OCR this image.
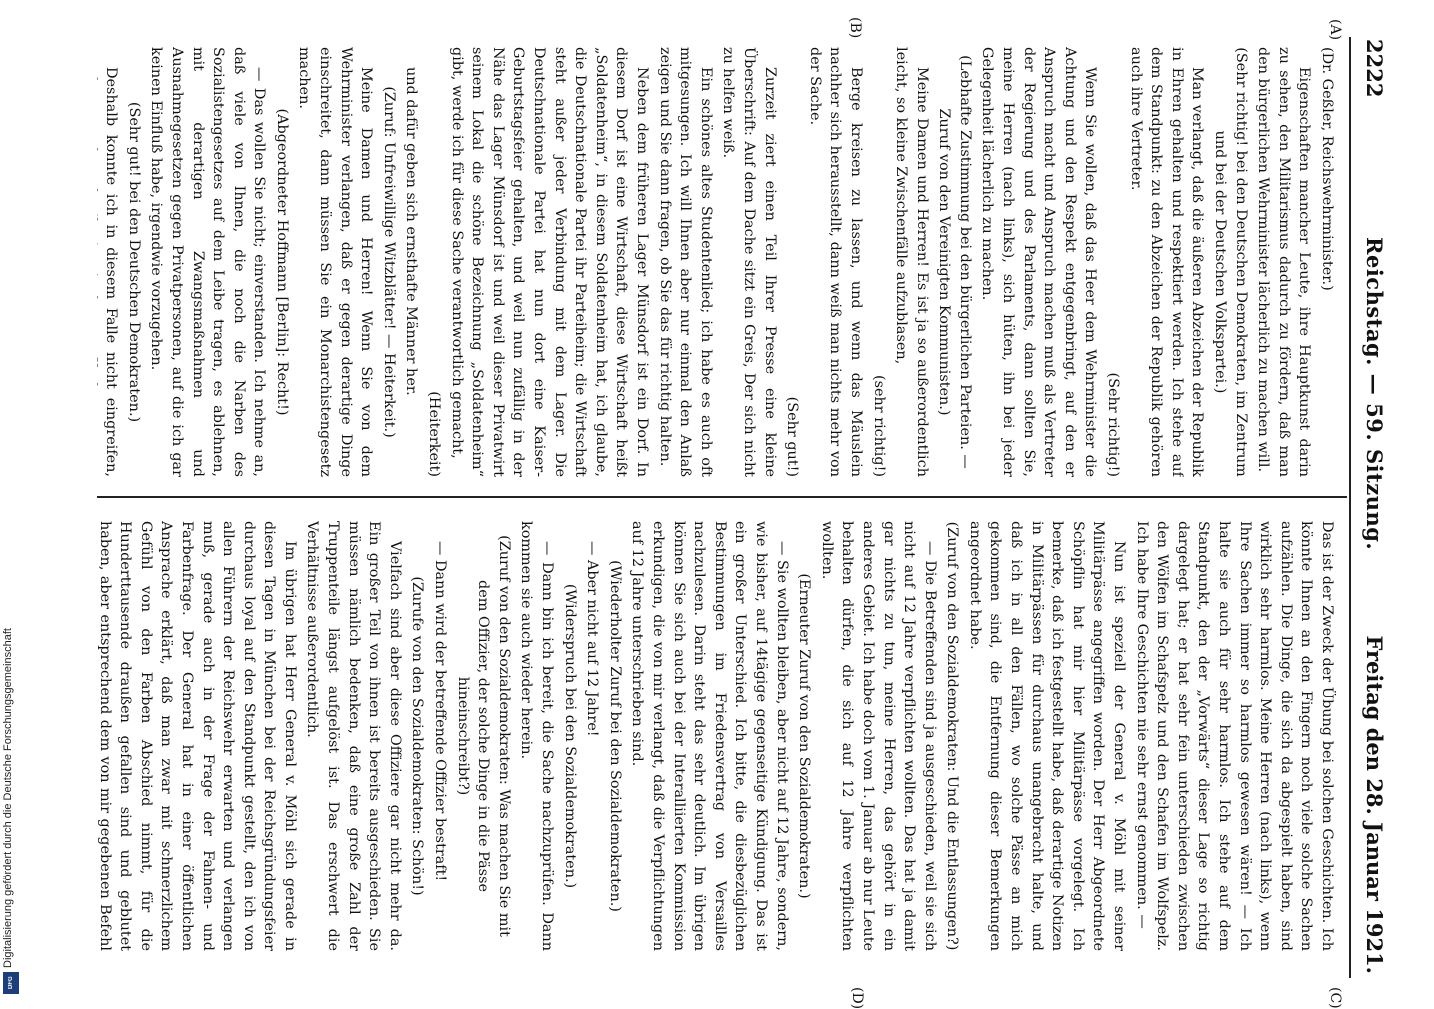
2222
Reichstag. — 59. Sitzung.
Freitag den 28. Januar 1921.
(A)
(B)
(C)
(D)

(Dr. Geßler, Reichswehrminister.)

Eigenschaften mancher Leute, ihre Hauptkunst darin zu sehen, den Militarismus dadurch zu fördern, daß man den bürgerlichen Wehrminister lächerlich zu machen will.

(Sehr richtig! bei den Deutschen Demokraten, im Zentrum und bei der Deutschen Volkspartei.)

Man verlangt, daß die äußeren Abzeichen der Republik in Ehren gehalten und respektiert werden. Ich stehe auf dem Standpunkt: zu den Abzeichen der Republik gehören auch ihre Vertreter.

(Sehr richtig!)

Wenn Sie wollen, daß das Heer dem Wehrminister die Achtung und den Respekt entgegenbringt, auf den er Anspruch macht und Anspruch machen muß als Vertreter der Regierung und des Parlaments, dann sollten Sie, meine Herren (nach links), sich hüten, ihn bei jeder Gelegenheit lächerlich zu machen.

(Lebhafte Zustimmung bei den bürgerlichen Parteien. — Zuruf von den Vereinigten Kommunisten.)

Meine Damen und Herren! Es ist ja so außerordentlich leicht, so kleine Zwischenfälle aufzublasen,

(sehr richtig!)

Berge kreisen zu lassen, und wenn das Mäuslein nachher sich herausstellt, dann weiß man nichts mehr von der Sache.

(Sehr gut!)

Zurzeit ziert einen Teil Ihrer Presse eine kleine Überschrift: Auf dem Dache sitzt ein Greis, Der sich nicht zu helfen weiß.

Ein schönes altes Studentenlied; ich habe es auch oft mitgesungen. Ich will Ihnen aber nur einmal den Anlaß zeigen und Sie dann fragen, ob Sie das für richtig halten.

Neben dem früheren Lager Münsdorf ist ein Dorf. In diesem Dorf ist eine Wirtschaft, diese Wirtschaft heißt „Soldatenheim“, in diesem Soldatenheim hat, ich glaube, die Deutschnationale Partei ihr Parteiheim; die Wirtschaft steht außer jeder Verbindung mit dem Lager. Die Deutschnationale Partei hat nun dort eine Kaiser-Geburtstagsfeier gehalten, und weil nun zufällig in der Nähe das Lager Münsdorf ist und weil dieser Privatwirt seinem Lokal die schöne Bezeichnung „Soldatenheim“ gibt, werde ich für diese Sache verantwortlich gemacht,

(Heiterkeit)

und dafür geben sich ernsthafte Männer her.

(Zuruf: Unfreiwillige Witzblätter! — Heiterkeit.)

Meine Damen und Herren! Wenn Sie von dem Wehrminister verlangen, daß er gegen derartige Dinge einschreitet, dann müssen Sie ein Monarchistengesetz machen.

(Abgeordneter Hoffmann [Berlin]: Recht!)

— Das wollen Sie nicht; einverstanden. Ich nehme an, daß viele von Ihnen, die noch die Narben des Sozialistengesetzes auf dem Leibe tragen, es ablehnen, mit derartigen Zwangsmaßnahmen und Ausnahmegesetzen gegen Privatpersonen, auf die ich gar keinen Einfluß habe, irgendwie vorzugehen.

(Sehr gut! bei den Deutschen Demokraten.)

Deshalb konnte ich in diesem Falle nicht eingreifen,

Das ist der Zweck der Übung bei solchen Geschichten. Ich könnte Ihnen an den Fingern noch viele solche Sachen aufzählen. Die Dinge, die sich da abgespielt haben, sind wirklich sehr harmlos. Meine Herren (nach links), wenn Ihre Sachen immer so harmlos gewesen wären! — Ich halte sie auch für sehr harmlos. Ich stehe auf dem Standpunkt, den der „Vorwärts“ dieser Lage so richtig dargelegt hat; er hat sehr fein unterschieden zwischen den Wölfen im Schafspelz und den Schafen im Wolfspelz. Ich habe Ihre Geschichten nie sehr ernst genommen. —

Nun ist speziell der General v. Möhl mit seiner Militärpässe angegriffen worden. Der Herr Abgeordnete Schöpflin hat mir hier Militärpässe vorgelegt. Ich bemerke, daß ich festgestellt habe, daß derartige Notizen in Militärpässen für durchaus unangebracht halte, und daß ich in all den Fällen, wo solche Pässe an mich gekommen sind, die Entfernung dieser Bemerkungen angeordnet habe.

(Zuruf von den Sozialdemokraten: Und die Entlassungen?)

— Die Betreffenden sind ja ausgeschieden, weil sie sich nicht auf 12 Jahre verpflichten wollten. Das hat ja damit gar nichts zu tun, meine Herren, das gehört in ein anderes Gebiet. Ich habe doch vom 1. Januar ab nur Leute behalten dürfen, die sich auf 12 Jahre verpflichten wollten.

(Erneuter Zuruf von den Sozialdemokraten.)

— Sie wollten bleiben, aber nicht auf 12 Jahre, sondern, wie bisher, auf 14tägige gegenseitige Kündigung. Das ist ein großer Unterschied. Ich bitte, die diesbezüglichen Bestimmungen im Friedensvertrag von Versailles nachzulesen. Darin steht das sehr deutlich. Im übrigen können Sie sich auch bei der Interalliierten Kommission erkundigen, die von mir verlangt, daß die Verpflichtungen auf 12 Jahre unterschrieben sind.

(Wiederholter Zuruf bei den Sozialdemokraten.)

— Aber nicht auf 12 Jahre!

(Widerspruch bei den Sozialdemokraten.)

— Dann bin ich bereit, die Sache nachzuprüfen. Dann kommen sie auch wieder herein.

(Zuruf von den Sozialdemokraten: Was machen Sie mit dem Offizier, der solche Dinge in die Pässe hineinschreibt?)

— Dann wird der betreffende Offizier bestraft!

(Zurufe von den Sozialdemokraten: Schön!)

Vielfach sind aber diese Offiziere gar nicht mehr da. Ein großer Teil von ihnen ist bereits ausgeschieden. Sie müssen nämlich bedenken, daß eine große Zahl der Truppenteile längst aufgelöst ist. Das erschwert die Verhältnisse außerordentlich.

Im übrigen hat Herr General v. Möhl sich gerade in diesen Tagen in München bei der Reichsgründungsfeier durchaus loyal auf den Standpunkt gestellt, den ich von allen Führern der Reichswehr erwarten und verlangen muß, gerade auch in der Frage der Fahnen- und Farbenfrage. Der General hat in einer öffentlichen Ansprache erklärt, daß man zwar mit schmerzlichem Gefühl von den Farben Abschied nimmt, für die Hunderttausende draußen gefallen sind und geblutet haben, aber entsprechend dem von mir gegebenen Befehl

Digitalisierung gefördert durch die Deutsche Forschungsgemeinschaft
DFG
